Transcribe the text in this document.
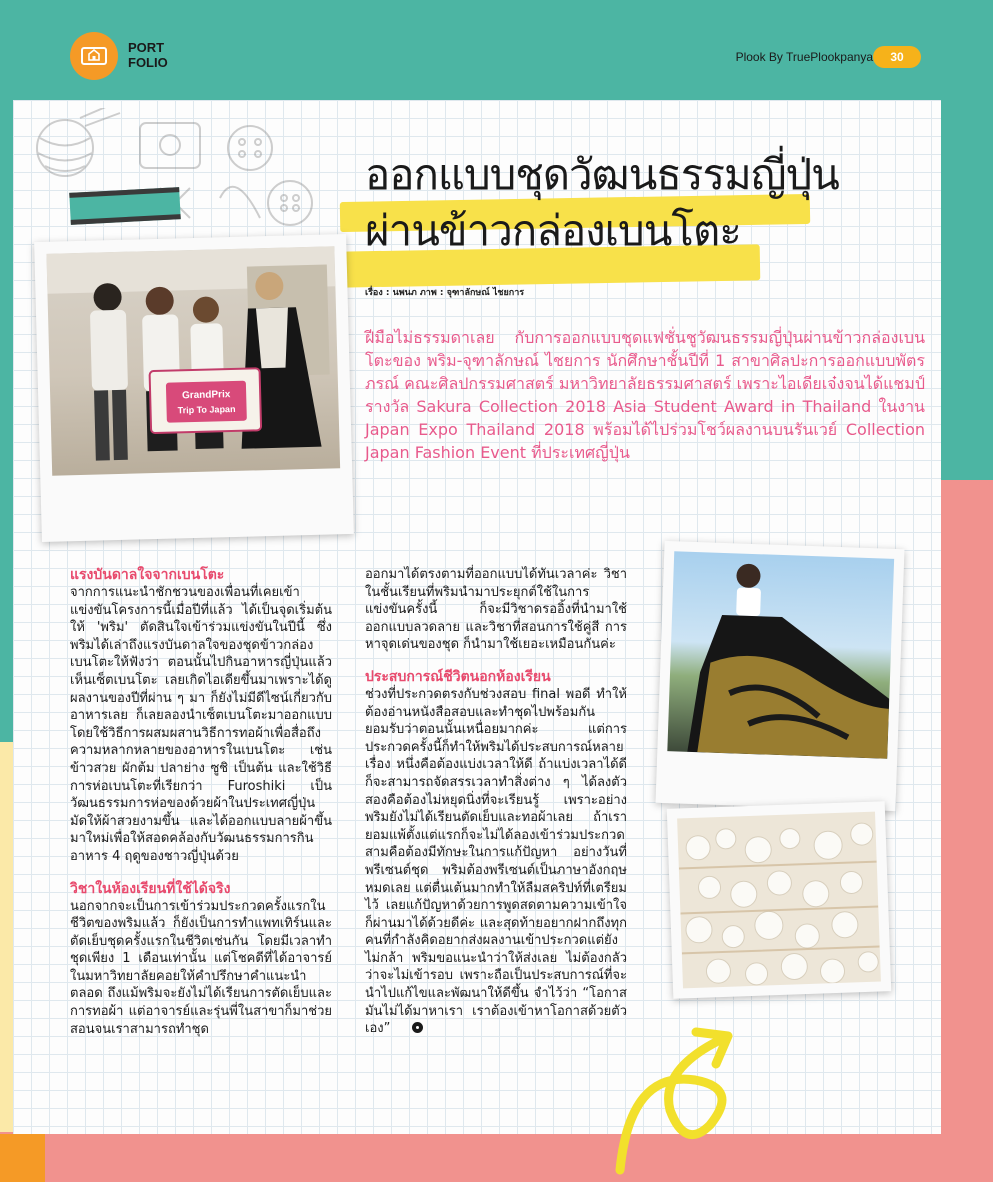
PORT
FOLIO	Plook By TruePlookpanya	30
ออกแบบชุดวัฒนธรรมญี่ปุ่น
ผ่านข้าวกล่องเบนโตะ
เรื่อง : นพนภ ภาพ : จุฑาลักษณ์ ไชยการ
ฝีมือไม่ธรรมดาเลย กับการออกแบบชุดแฟชั่นชูวัฒนธรรมญี่ปุ่นผ่านข้าวกล่องเบนโตะของ พริม-จุฑาลักษณ์ ไชยการ นักศึกษาชั้นปีที่ 1 สาขาศิลปะการออกแบบพัตรภรณ์ คณะศิลปกรรมศาสตร์ มหาวิทยาลัยธรรมศาสตร์ เพราะไอเดียเจ๋งจนได้แชมป์รางวัล Sakura Collection 2018 Asia Student Award in Thailand ในงาน Japan Expo Thailand 2018 พร้อมได้ไปร่วมโชว์ผลงานบนรันเวย์ Collection Japan Fashion Event ที่ประเทศญี่ปุ่น
GrandPrix
Trip To Japan

แรงบันดาลใจจากเบนโตะ

จากการแนะนำชักชวนของเพื่อนที่เคยเข้าแข่งขันโครงการนี้เมื่อปีที่แล้ว ได้เป็นจุดเริ่มต้นให้ 'พริม' ตัดสินใจเข้าร่วมแข่งขันในปีนี้ ซึ่งพริมได้เล่าถึงแรงบันดาลใจของชุดข้าวกล่องเบนโตะให้ฟังว่า ตอนนั้นไปกินอาหารญี่ปุ่นแล้วเห็นเซ็ตเบนโตะ เลยเกิดไอเดียขึ้นมาเพราะได้ดูผลงานของปีที่ผ่าน ๆ มา ก็ยังไม่มีดีไซน์เกี่ยวกับอาหารเลย ก็เลยลองนำเซ็ตเบนโตะมาออกแบบ โดยใช้วิธีการผสมผสานวิธีการทอผ้าเพื่อสื่อถึงความหลากหลายของอาหารในเบนโตะ เช่น ข้าวสวย ผักต้ม ปลาย่าง ซูชิ เป็นต้น และใช้วิธีการห่อเบนโตะที่เรียกว่า Furoshiki เป็นวัฒนธรรมการห่อของด้วยผ้าในประเทศญี่ปุ่น มัดให้ผ้าสวยงามขึ้น และได้ออกแบบลายผ้าขึ้นมาใหม่เพื่อให้สอดคล้องกับวัฒนธรรมการกินอาหาร 4 ฤดูของชาวญี่ปุ่นด้วย

วิชาในห้องเรียนที่ใช้ได้จริง

นอกจากจะเป็นการเข้าร่วมประกวดครั้งแรกในชีวิตของพริมแล้ว ก็ยังเป็นการทำแพทเทิร์นและตัดเย็บชุดครั้งแรกในชีวิตเช่นกัน โดยมีเวลาทำชุดเพียง 1 เดือนเท่านั้น แต่โชคดีที่ได้อาจารย์ในมหาวิทยาลัยคอยให้คำปรึกษาคำแนะนำตลอด ถึงแม้พริมจะยังไม่ได้เรียนการตัดเย็บและการทอผ้า แต่อาจารย์และรุ่นพี่ในสาขาก็มาช่วยสอนจนเราสามารถทำชุด

ออกมาได้ตรงตามที่ออกแบบได้ทันเวลาค่ะ วิชาในชั้นเรียนที่พริมนำมาประยุกต์ใช้ในการแข่งขันครั้งนี้ ก็จะมีวิชาดรออิ้งที่นำมาใช้ออกแบบลวดลาย และวิชาที่สอนการใช้คู่สี การหาจุดเด่นของชุด ก็นำมาใช้เยอะเหมือนกันค่ะ

ประสบการณ์ชีวิตนอกห้องเรียน

ช่วงที่ประกวดตรงกับช่วงสอบ final พอดี ทำให้ต้องอ่านหนังสือสอบและทำชุดไปพร้อมกัน ยอมรับว่าตอนนั้นเหนื่อยมากค่ะ แต่การประกวดครั้งนี้ก็ทำให้พริมได้ประสบการณ์หลายเรื่อง หนึ่งคือต้องแบ่งเวลาให้ดี ถ้าแบ่งเวลาได้ดีก็จะสามารถจัดสรรเวลาทำสิ่งต่าง ๆ ได้ลงตัว สองคือต้องไม่หยุดนิ่งที่จะเรียนรู้ เพราะอย่างพริมยังไม่ได้เรียนตัดเย็บและทอผ้าเลย ถ้าเรายอมแพ้ตั้งแต่แรกก็จะไม่ได้ลองเข้าร่วมประกวด สามคือต้องมีทักษะในการแก้ปัญหา อย่างวันที่พรีเซนต์ชุด พริมต้องพรีเซนต์เป็นภาษาอังกฤษหมดเลย แต่ตื่นเต้นมากทำให้ลืมสคริปท์ที่เตรียมไว้ เลยแก้ปัญหาด้วยการพูดสดตามความเข้าใจ ก็ผ่านมาได้ด้วยดีค่ะ และสุดท้ายอยากฝากถึงทุกคนที่กำลังคิดอยากส่งผลงานเข้าประกวดแต่ยังไม่กล้า พริมขอแนะนำว่าให้ส่งเลย ไม่ต้องกลัวว่าจะไม่เข้ารอบ เพราะถือเป็นประสบการณ์ที่จะนำไปแก้ไขและพัฒนาให้ดีขึ้น จำไว้ว่า “โอกาสมันไม่ได้มาหาเรา เราต้องเข้าหาโอกาสด้วยตัวเอง”
